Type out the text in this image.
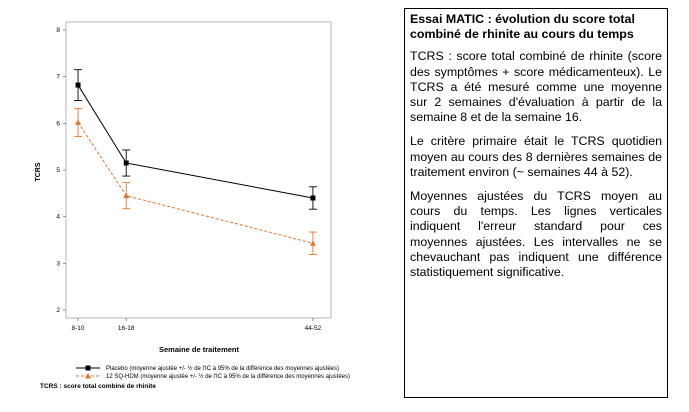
2
3
4
5
6
7
8
8-10	16-18	44-52
TCRS
Semaine de traitement
Placebo (moyenne ajustée +/- ½ de l'IC à 95% de la différence des moyennes ajustées)
12 SQ-HDM (moyenne ajustée +/- ½ de l'IC à 95% de la différence des moyennes ajustées)
TCRS : score total combiné de rhinite
Essai MATIC : évolution du score total combiné de rhinite au cours du temps

TCRS : score total combiné de rhinite (score des symptômes + score médicamenteux). Le TCRS a été mesuré comme une moyenne sur 2 semaines d'évaluation à partir de la semaine 8 et de la semaine 16.

Le critère primaire était le TCRS quotidien moyen au cours des 8 dernières semaines de traitement environ (~ semaines 44 à 52).

Moyennes ajustées du TCRS moyen au cours du temps. Les lignes verticales indiquent l'erreur standard pour ces moyennes ajustées. Les intervalles ne se chevauchant pas indiquent une différence statistiquement significative.
